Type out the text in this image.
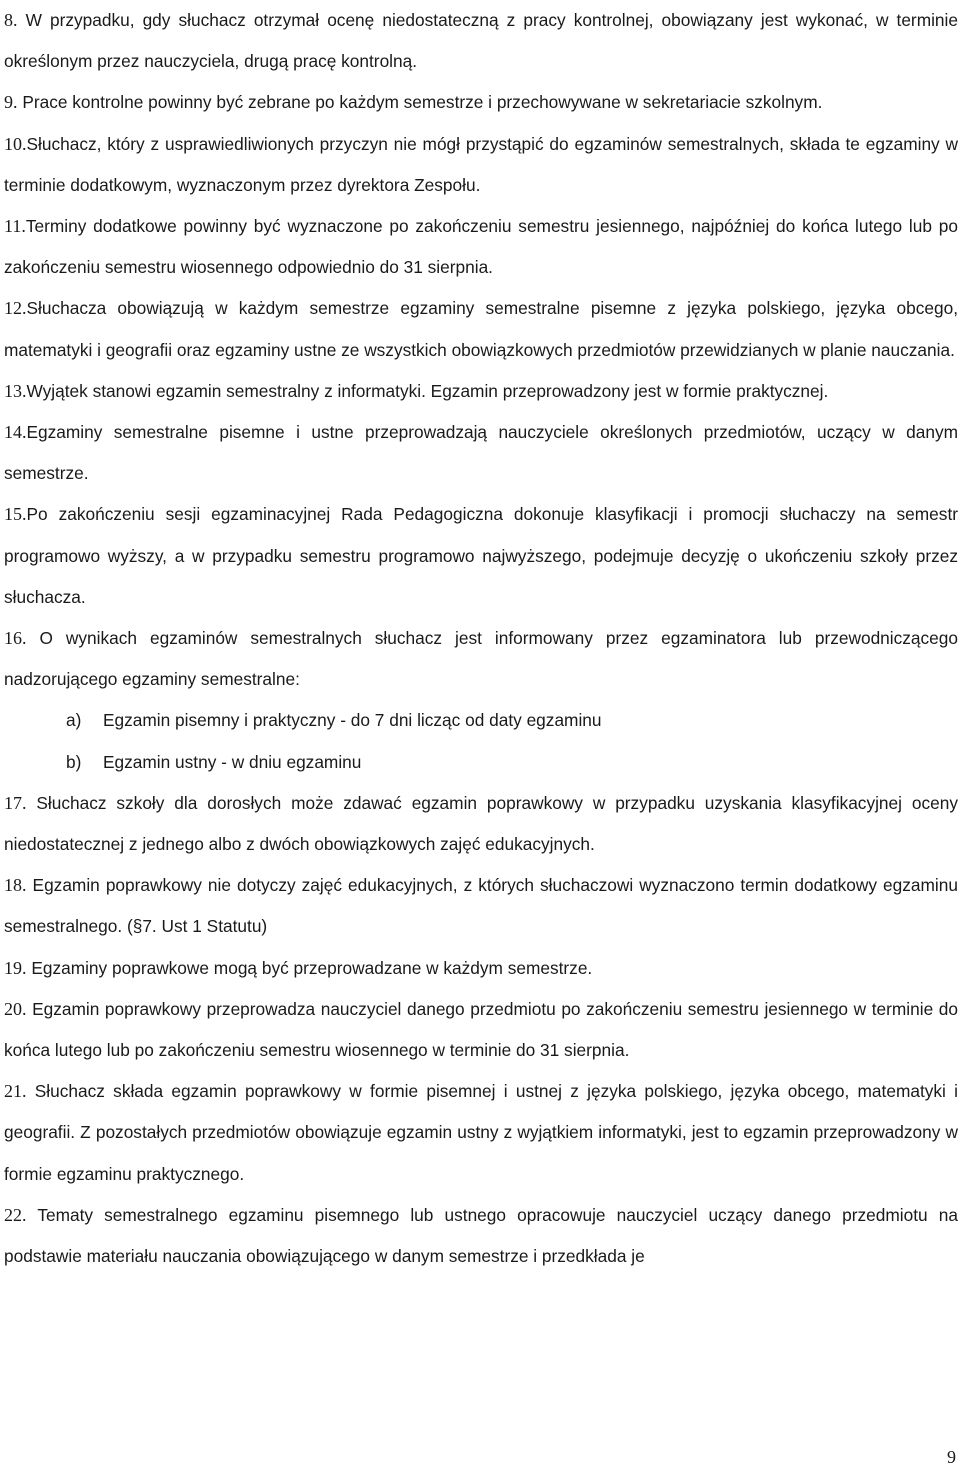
8. W przypadku, gdy słuchacz otrzymał ocenę niedostateczną z pracy kontrolnej, obowiązany jest wykonać, w terminie określonym przez nauczyciela, drugą pracę kontrolną.

9. Prace kontrolne powinny być zebrane po każdym semestrze i przechowywane w sekretariacie szkolnym.

10.Słuchacz, który z usprawiedliwionych przyczyn nie mógł przystąpić do egzaminów semestralnych, składa te egzaminy w terminie dodatkowym, wyznaczonym przez dyrektora Zespołu.

11.Terminy dodatkowe powinny być wyznaczone po zakończeniu semestru jesiennego, najpóźniej do końca lutego lub po zakończeniu semestru wiosennego odpowiednio do 31 sierpnia.

12.Słuchacza obowiązują w każdym semestrze egzaminy semestralne pisemne z języka polskiego, języka obcego, matematyki i geografii oraz egzaminy ustne ze wszystkich obowiązkowych przedmiotów przewidzianych w planie nauczania.

13.Wyjątek stanowi egzamin semestralny z informatyki. Egzamin przeprowadzony jest w formie praktycznej.

14.Egzaminy semestralne pisemne i ustne przeprowadzają nauczyciele określonych przedmiotów, uczący w danym semestrze.

15.Po zakończeniu sesji egzaminacyjnej Rada Pedagogiczna dokonuje klasyfikacji i promocji słuchaczy na semestr programowo wyższy, a w przypadku semestru programowo najwyższego, podejmuje decyzję o ukończeniu szkoły przez słuchacza.

16. O wynikach egzaminów semestralnych słuchacz jest informowany przez egzaminatora lub przewodniczącego nadzorującego egzaminy semestralne:

a) Egzamin pisemny i praktyczny - do 7 dni licząc od daty egzaminu

b) Egzamin ustny - w dniu egzaminu

17. Słuchacz szkoły dla dorosłych może zdawać egzamin poprawkowy w przypadku uzyskania klasyfikacyjnej oceny niedostatecznej z jednego albo z dwóch obowiązkowych zajęć edukacyjnych.

18. Egzamin poprawkowy nie dotyczy zajęć edukacyjnych, z których słuchaczowi wyznaczono termin dodatkowy egzaminu semestralnego. (§7. Ust 1 Statutu)

19. Egzaminy poprawkowe mogą być przeprowadzane w każdym semestrze.

20. Egzamin poprawkowy przeprowadza nauczyciel danego przedmiotu po zakończeniu semestru jesiennego w terminie do końca lutego lub po zakończeniu semestru wiosennego w terminie do 31 sierpnia.

21. Słuchacz składa egzamin poprawkowy w formie pisemnej i ustnej z języka polskiego, języka obcego, matematyki i geografii. Z pozostałych przedmiotów obowiązuje egzamin ustny z wyjątkiem informatyki, jest to egzamin przeprowadzony w formie egzaminu praktycznego.

22. Tematy semestralnego egzaminu pisemnego lub ustnego opracowuje nauczyciel uczący danego przedmiotu na podstawie materiału nauczania obowiązującego w danym semestrze i przedkłada je

9
